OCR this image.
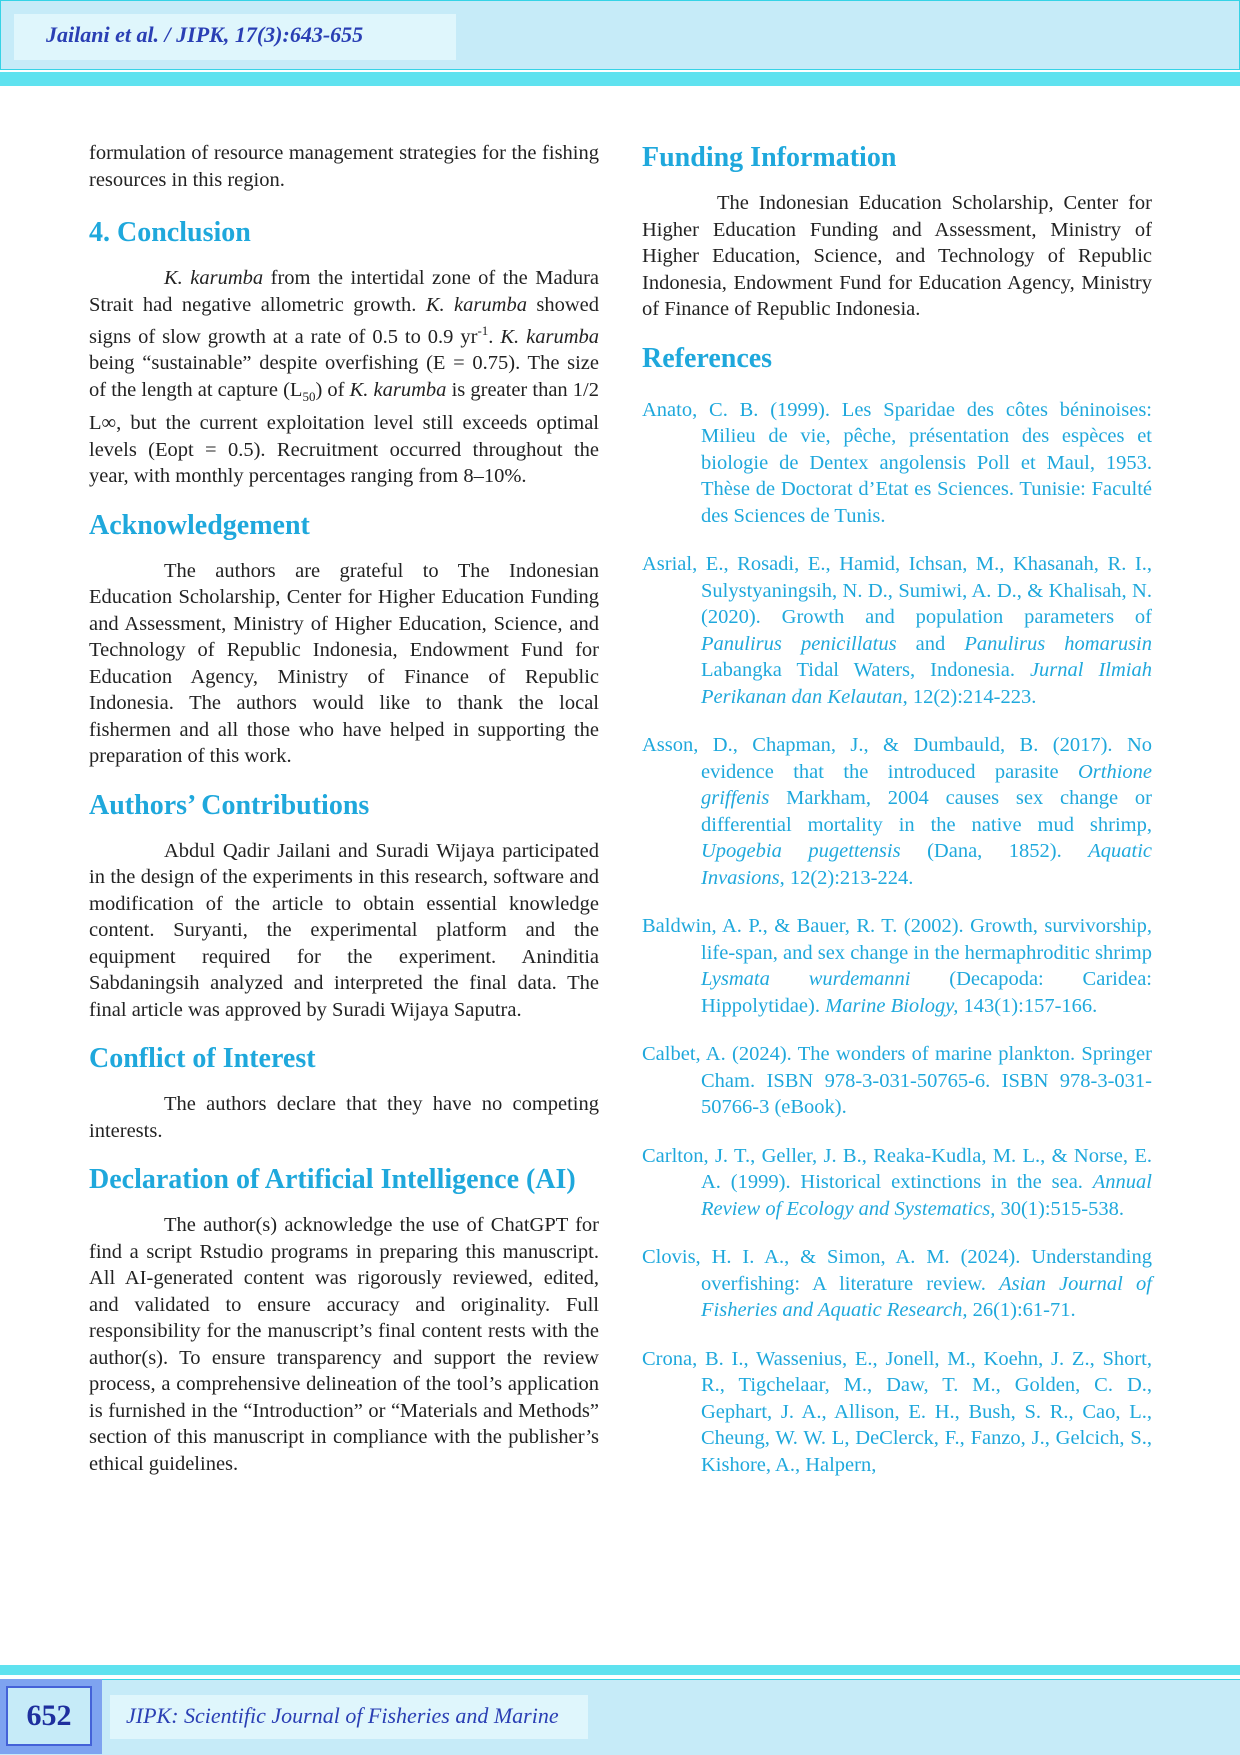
Jailani et al. / JIPK, 17(3):643-655

formulation of resource management strategies for the fishing resources in this region.

4. Conclusion

K. karumba from the intertidal zone of the Madura Strait had negative allometric growth. K. karumba showed signs of slow growth at a rate of 0.5 to 0.9 $yr^{-1}$. K. karumba being “sustainable” despite overfishing (E = 0.75). The size of the length at capture $(L_{50})$ of K. karumba is greater than 1/2 L∞, but the current exploitation level still exceeds optimal levels (Eopt = 0.5). Recruitment occurred throughout the year, with monthly percentages ranging from 8–10%.

Acknowledgement

The authors are grateful to The Indonesian Education Scholarship, Center for Higher Education Funding and Assessment, Ministry of Higher Education, Science, and Technology of Republic Indonesia, Endowment Fund for Education Agency, Ministry of Finance of Republic Indonesia. The authors would like to thank the local fishermen and all those who have helped in supporting the preparation of this work.

Authors’ Contributions

Abdul Qadir Jailani and Suradi Wijaya participated in the design of the experiments in this research, software and modification of the article to obtain essential knowledge content. Suryanti, the experimental platform and the equipment required for the experiment. Aninditia Sabdaningsih analyzed and interpreted the final data. The final article was approved by Suradi Wijaya Saputra.

Conflict of Interest

The authors declare that they have no competing interests.

Declaration of Artificial Intelligence (AI)

The author(s) acknowledge the use of ChatGPT for find a script Rstudio programs in preparing this manuscript. All AI-generated content was rigorously reviewed, edited, and validated to ensure accuracy and originality. Full responsibility for the manuscript’s final content rests with the author(s). To ensure transparency and support the review process, a comprehensive delineation of the tool’s application is furnished in the “Introduction” or “Materials and Methods” section of this manuscript in compliance with the publisher’s ethical guidelines.

Funding Information

The Indonesian Education Scholarship, Center for Higher Education Funding and Assessment, Ministry of Higher Education, Science, and Technology of Republic Indonesia, Endowment Fund for Education Agency, Ministry of Finance of Republic Indonesia.

References

Anato, C. B. (1999). Les Sparidae des côtes béninoises: Milieu de vie, pêche, présentation des espèces et biologie de Dentex angolensis Poll et Maul, 1953. Thèse de Doctorat d’Etat es Sciences. Tunisie: Faculté des Sciences de Tunis.

Asrial, E., Rosadi, E., Hamid, Ichsan, M., Khasanah, R. I., Sulystyaningsih, N. D., Sumiwi, A. D., & Khalisah, N. (2020). Growth and population parameters of Panulirus penicillatus and Panulirus homarusin Labangka Tidal Waters, Indonesia. Jurnal Ilmiah Perikanan dan Kelautan, 12(2):214-223.

Asson, D., Chapman, J., & Dumbauld, B. (2017). No evidence that the introduced parasite Orthione griffenis Markham, 2004 causes sex change or differential mortality in the native mud shrimp, Upogebia pugettensis (Dana, 1852). Aquatic Invasions, 12(2):213-224.

Baldwin, A. P., & Bauer, R. T. (2002). Growth, survivorship, life-span, and sex change in the hermaphroditic shrimp Lysmata wurdemanni (Decapoda: Caridea: Hippolytidae). Marine Biology, 143(1):157-166.

Calbet, A. (2024). The wonders of marine plankton. Springer Cham. ISBN 978-3-031-50765-6. ISBN 978-3-031-50766-3 (eBook).

Carlton, J. T., Geller, J. B., Reaka-Kudla, M. L., & Norse, E. A. (1999). Historical extinctions in the sea. Annual Review of Ecology and Systematics, 30(1):515-538.

Clovis, H. I. A., & Simon, A. M. (2024). Understanding overfishing: A literature review. Asian Journal of Fisheries and Aquatic Research, 26(1):61-71.

Crona, B. I., Wassenius, E., Jonell, M., Koehn, J. Z., Short, R., Tigchelaar, M., Daw, T. M., Golden, C. D., Gephart, J. A., Allison, E. H., Bush, S. R., Cao, L., Cheung, W. W. L, DeClerck, F., Fanzo, J., Gelcich, S., Kishore, A., Halpern,

652	JIPK: Scientific Journal of Fisheries and Marine
